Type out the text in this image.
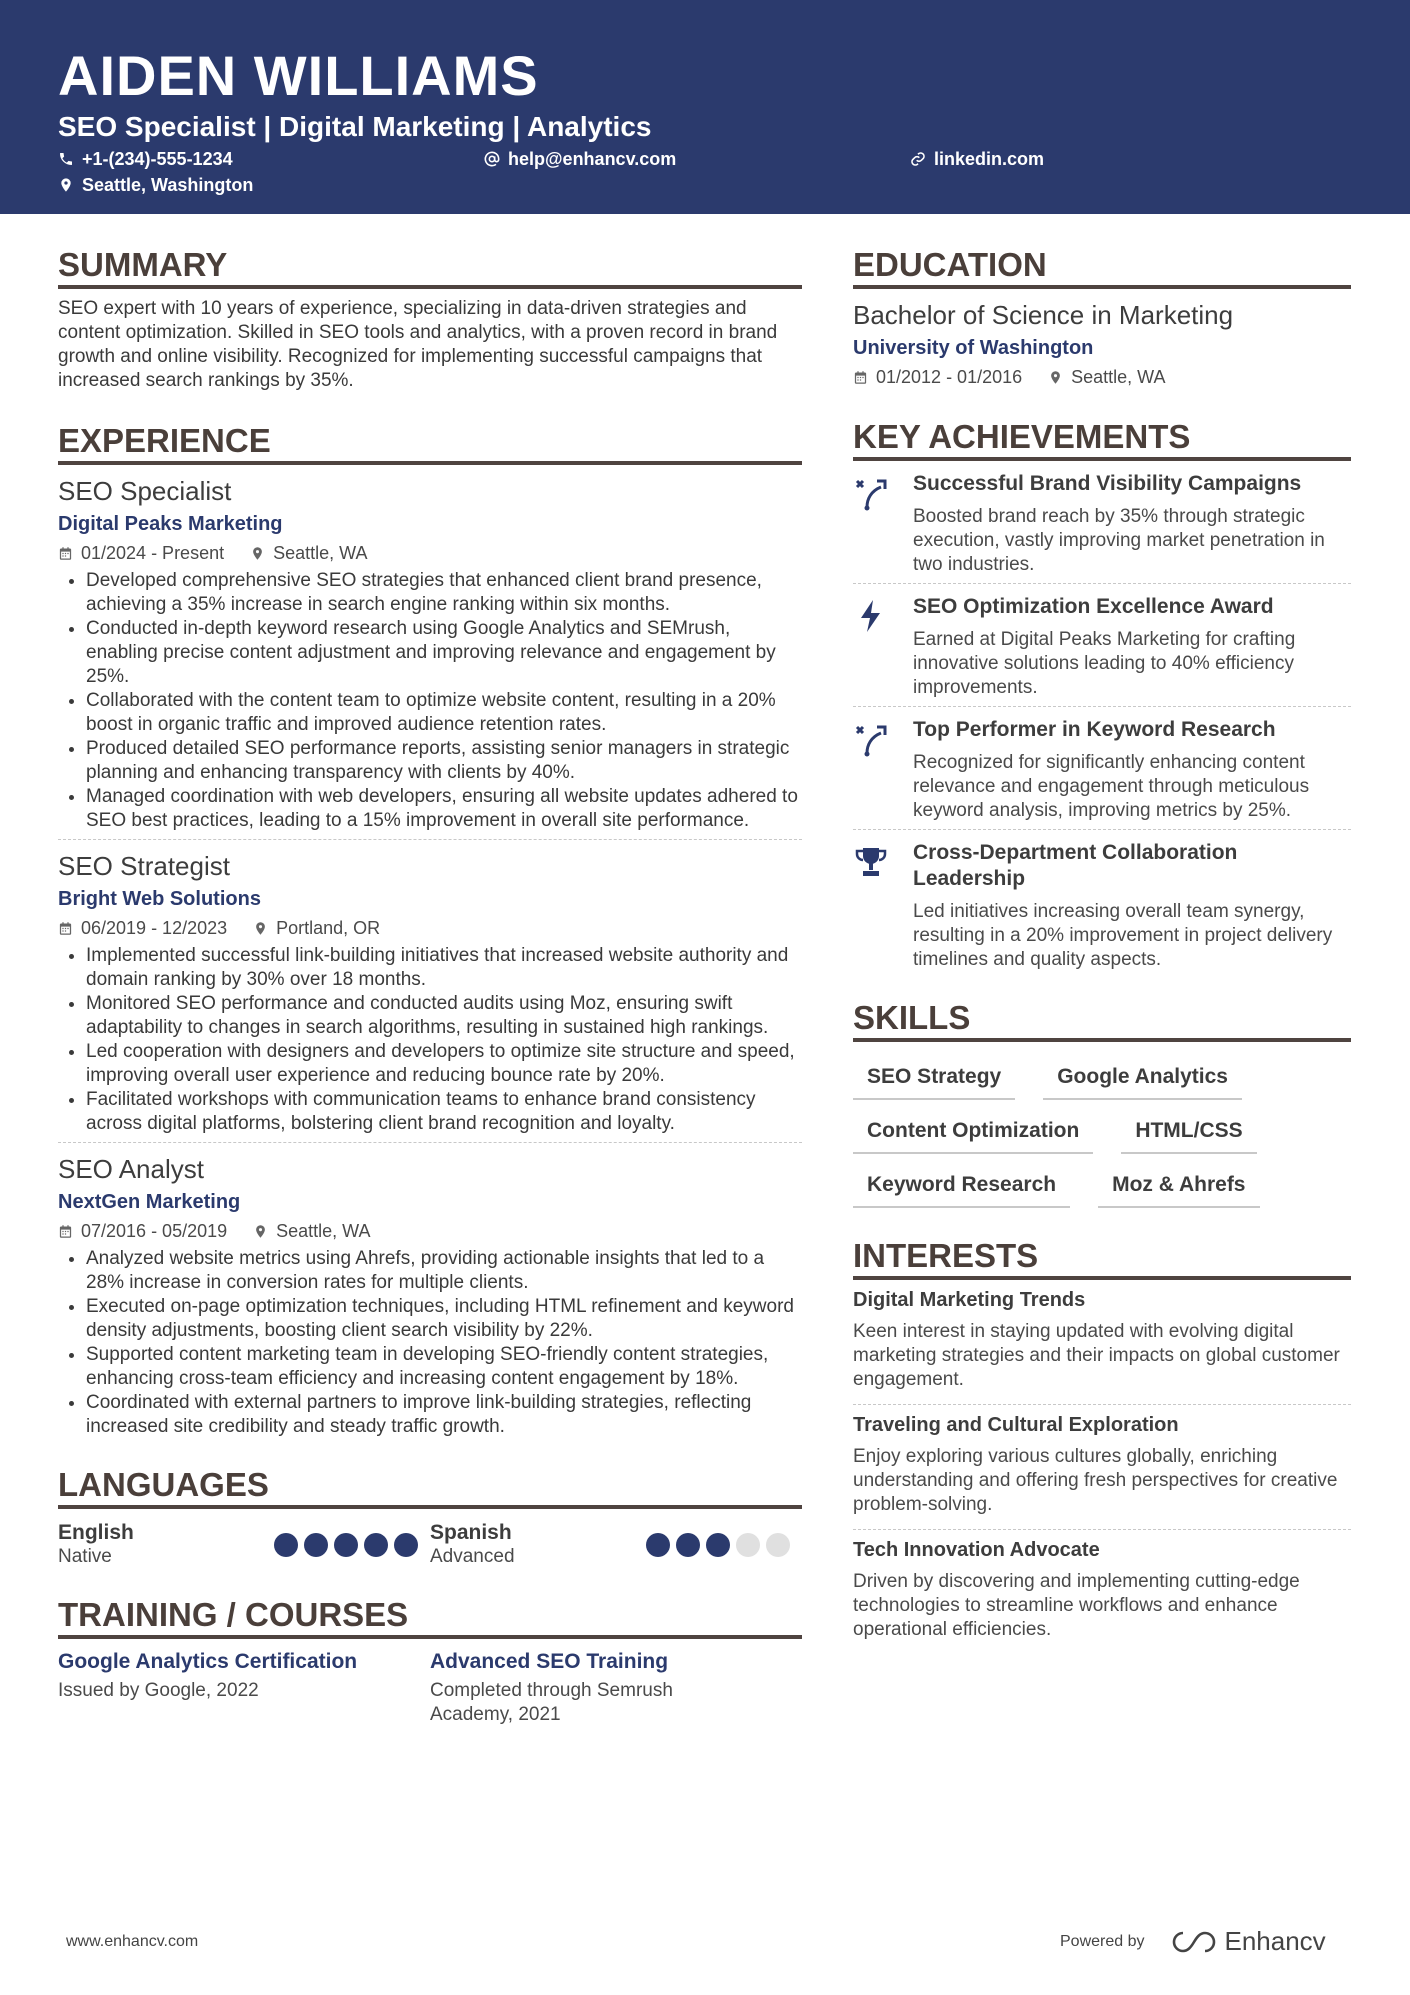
AIDEN WILLIAMS
SEO Specialist | Digital Marketing | Analytics
+1-(234)-555-1234	help@enhancv.com	linkedin.com
Seattle, Washington
SUMMARY
SEO expert with 10 years of experience, specializing in data-driven strategies and content optimization. Skilled in SEO tools and analytics, with a proven record in brand growth and online visibility. Recognized for implementing successful campaigns that increased search rankings by 35%.
EXPERIENCE
SEO Specialist
Digital Peaks Marketing
01/2024 - Present	Seattle, WA
• Developed comprehensive SEO strategies that enhanced client brand presence, achieving a 35% increase in search engine ranking within six months.
• Conducted in-depth keyword research using Google Analytics and SEMrush, enabling precise content adjustment and improving relevance and engagement by 25%.
• Collaborated with the content team to optimize website content, resulting in a 20% boost in organic traffic and improved audience retention rates.
• Produced detailed SEO performance reports, assisting senior managers in strategic planning and enhancing transparency with clients by 40%.
• Managed coordination with web developers, ensuring all website updates adhered to SEO best practices, leading to a 15% improvement in overall site performance.
SEO Strategist
Bright Web Solutions
06/2019 - 12/2023	Portland, OR
• Implemented successful link-building initiatives that increased website authority and domain ranking by 30% over 18 months.
• Monitored SEO performance and conducted audits using Moz, ensuring swift adaptability to changes in search algorithms, resulting in sustained high rankings.
• Led cooperation with designers and developers to optimize site structure and speed, improving overall user experience and reducing bounce rate by 20%.
• Facilitated workshops with communication teams to enhance brand consistency across digital platforms, bolstering client brand recognition and loyalty.
SEO Analyst
NextGen Marketing
07/2016 - 05/2019	Seattle, WA
• Analyzed website metrics using Ahrefs, providing actionable insights that led to a 28% increase in conversion rates for multiple clients.
• Executed on-page optimization techniques, including HTML refinement and keyword density adjustments, boosting client search visibility by 22%.
• Supported content marketing team in developing SEO-friendly content strategies, enhancing cross-team efficiency and increasing content engagement by 18%.
• Coordinated with external partners to improve link-building strategies, reflecting increased site credibility and steady traffic growth.
LANGUAGES
English
Native
Spanish
Advanced
TRAINING / COURSES
Google Analytics Certification
Issued by Google, 2022
Advanced SEO Training
Completed through Semrush Academy, 2021
EDUCATION
Bachelor of Science in Marketing
University of Washington
01/2012 - 01/2016	Seattle, WA
KEY ACHIEVEMENTS
Successful Brand Visibility Campaigns
Boosted brand reach by 35% through strategic execution, vastly improving market penetration in two industries.
SEO Optimization Excellence Award
Earned at Digital Peaks Marketing for crafting innovative solutions leading to 40% efficiency improvements.
Top Performer in Keyword Research
Recognized for significantly enhancing content relevance and engagement through meticulous keyword analysis, improving metrics by 25%.
Cross-Department Collaboration Leadership
Led initiatives increasing overall team synergy, resulting in a 20% improvement in project delivery timelines and quality aspects.
SKILLS
SEO Strategy	Google Analytics
Content Optimization	HTML/CSS
Keyword Research	Moz & Ahrefs
INTERESTS
Digital Marketing Trends
Keen interest in staying updated with evolving digital marketing strategies and their impacts on global customer engagement.
Traveling and Cultural Exploration
Enjoy exploring various cultures globally, enriching understanding and offering fresh perspectives for creative problem-solving.
Tech Innovation Advocate
Driven by discovering and implementing cutting-edge technologies to streamline workflows and enhance operational efficiencies.
www.enhancv.com	Powered by	Enhancv
